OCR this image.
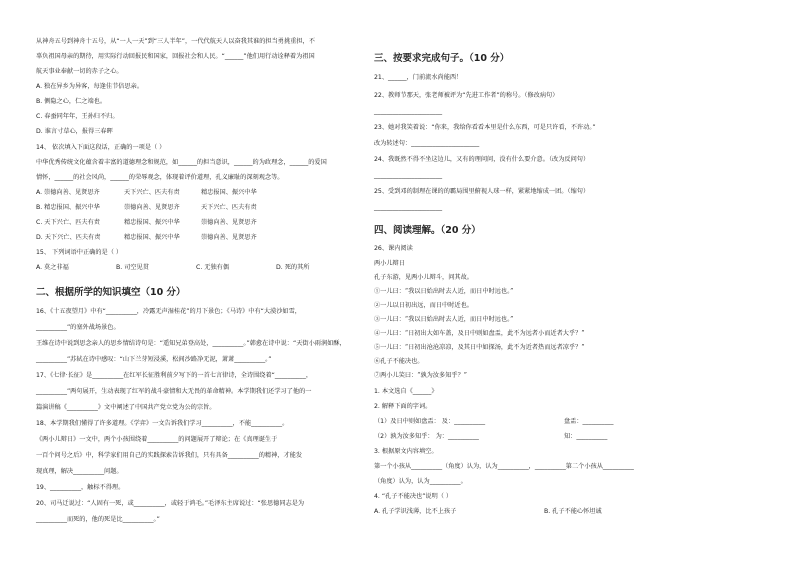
从神舟五号到神舟十五号，从“一人一天”到“三人半年”，一代代航天人以奋我其谁的担当勇挑重担，不
辜负祖国母亲的期待，用实际行动回报民和国家，回报社会和人民。“______”他们用行动诠释着为祖国
航天事业奉献一切的赤子之心。
A. 独在异乡为异客，每逢佳节倍思亲。
B. 侧隐之心，仁之端也。
C. 春蚕同年年，王孙归不归。
D. 谁言寸草心，报得三春晖
14、 依次填入下面这段话，正确的一项是（ ）
中华优秀传统文化蕴含着丰富的道德理念和规范，如______的担当意识，______的为政理念，______的爱国
情怀，______的社会风尚，______的荣辱观念，体现着评价道理，孔义廉耻的深刻观念等。
A. 崇德向善、见贤思齐	天下兴亡、匹夫有责	精忠报国、振兴中华
B. 精忠报国、振兴中华	崇德向善、见贤思齐	天下兴亡、匹夫有责
C. 天下兴亡、匹夫有责	精忠报国、振兴中华	崇德向善、见贤思齐
D. 天下兴亡、匹夫有责	精忠报国、振兴中华	崇德向善、见贤思齐
15、 下列词语中正确的是（ ）
A. 莫之非福	B. 司空见贯	C. 无独有偶	D. 死的其所
二、根据所学的知识填空（10 分）
16、《十五夜望月》中有“__________，冷露无声湿桂花”的月下景色；《马诗》中有“大漠沙如雪，
__________”的塞外战场景色。
王维在诗中说到思念亲人的思乡情结诗句是：“遥知兄弟登高处，__________。”韩愈在诗中说：“天街小雨润如酥，
__________”苏轼在诗中感叹：“山下兰芽短浸溪，松间沙路净无泥，萧萧__________。”
17、《七律·长征》是__________在红军长征胜利前夕写下的一首七言律诗，全诗围绕着“__________，
__________”两句展开，生动表现了红军的战斗豪情和大无畏的革命精神。本学期我们还学习了他的一
篇演讲稿《__________》文中阐述了中国共产党立党为公的宗旨。
18、本学期我们懂得了许多道理。《学弈》一文告诉我们学习__________，不能__________。
《两小儿辩日》一文中，两个小孩围绕着__________的问题展开了辩论；在《真理诞生于
一百个问号之后》中，科学家们用自己的实践探索告诉我们，只有具备__________的精神，才能发
现真理，解决__________问题。
19、__________，触标不得理。
20、司马迁说过：“人固有一死，或__________，或轻于鸿毛。”毛泽东主席说过：“张思德同志是为
__________而死的，他的死是比__________。”
三、按要求完成句子。（10 分）
21、______，门前流水尚能西！
22、教师节那天，张老师被评为“先进工作者”的称号。（修改病句）
______________________
23、她对我笑着说：“你来，我给你看看本里是什么东西，可是只许看，不许动。”
改为转述句：______________________
24、我既然不得不坐这边儿，又有的理问问，没有什么要介意。（改为反问句）
______________________
25、受到邓的制理在课的的霸局围里俯视人球一样，紧紧地缩成一团。（缩句）
______________________
四、阅读理解。（20 分）
26、课内阅读
两小儿辩日
孔子东游，见两小儿辩斗，问其故。
①一儿曰：“我以日始出时去人近，而日中时远也。”
②一儿以日初出远，而日中时近也。
③一儿曰：“我以日始出时去人近，而日中时远也。”
④一儿曰：“日初出大如车盖，及日中则如盘盂，此不为远者小而近者大乎？”
⑤一儿曰：“日初出沧沧凉凉，及其日中如探汤，此不为近者热而远者凉乎？”
⑥孔子不能决也。
⑦两小儿笑曰：“孰为汝多知乎？”
1. 本文选自《______》
2. 解释下面的字词。
（1）及日中则如盘盂： 及：__________	盘盂：__________
（2）孰为汝多知乎： 为：__________	知：__________
3. 根据原文内容填空。
第一个小孩从__________（角度）认为，认为__________，__________第二个小孩从__________
（角度）认为，认为__________。
4. “孔子不能决也”说明（ ）
A. 孔子学识浅薄，比不上孩子	B. 孔子不能心怀坦诚
